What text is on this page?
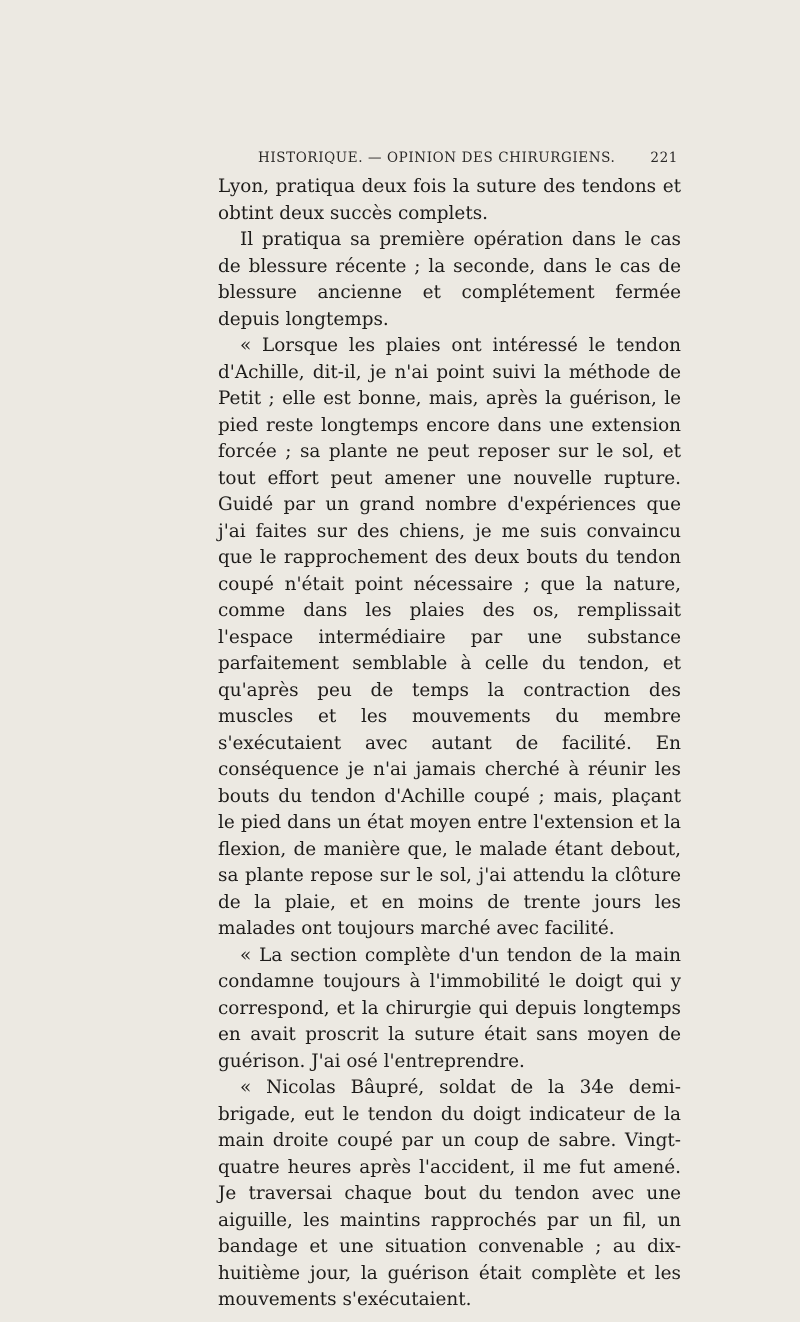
HISTORIQUE. — OPINION DES CHIRURGIENS.	221

Lyon, pratiqua deux fois la suture des tendons et obtint deux succès complets.

Il pratiqua sa première opération dans le cas de blessure récente ; la seconde, dans le cas de blessure ancienne et complétement fermée depuis longtemps.

« Lorsque les plaies ont intéressé le tendon d'Achille, dit-il, je n'ai point suivi la méthode de Petit ; elle est bonne, mais, après la guérison, le pied reste longtemps encore dans une extension forcée ; sa plante ne peut reposer sur le sol, et tout effort peut amener une nouvelle rupture. Guidé par un grand nombre d'expériences que j'ai faites sur des chiens, je me suis convaincu que le rapprochement des deux bouts du tendon coupé n'était point nécessaire ; que la nature, comme dans les plaies des os, remplissait l'espace intermédiaire par une substance parfaitement semblable à celle du tendon, et qu'après peu de temps la contraction des muscles et les mouvements du membre s'exécutaient avec autant de facilité. En conséquence je n'ai jamais cherché à réunir les bouts du tendon d'Achille coupé ; mais, plaçant le pied dans un état moyen entre l'extension et la flexion, de manière que, le malade étant debout, sa plante repose sur le sol, j'ai attendu la clôture de la plaie, et en moins de trente jours les malades ont toujours marché avec facilité.

« La section complète d'un tendon de la main condamne toujours à l'immobilité le doigt qui y correspond, et la chirurgie qui depuis longtemps en avait proscrit la suture était sans moyen de guérison. J'ai osé l'entreprendre.

« Nicolas Bâupré, soldat de la 34e demi-brigade, eut le tendon du doigt indicateur de la main droite coupé par un coup de sabre. Vingt-quatre heures après l'accident, il me fut amené. Je traversai chaque bout du tendon avec une aiguille, les maintins rapprochés par un fil, un bandage et une situation convenable ; au dix-huitième jour, la guérison était complète et les mouvements s'exécutaient.
